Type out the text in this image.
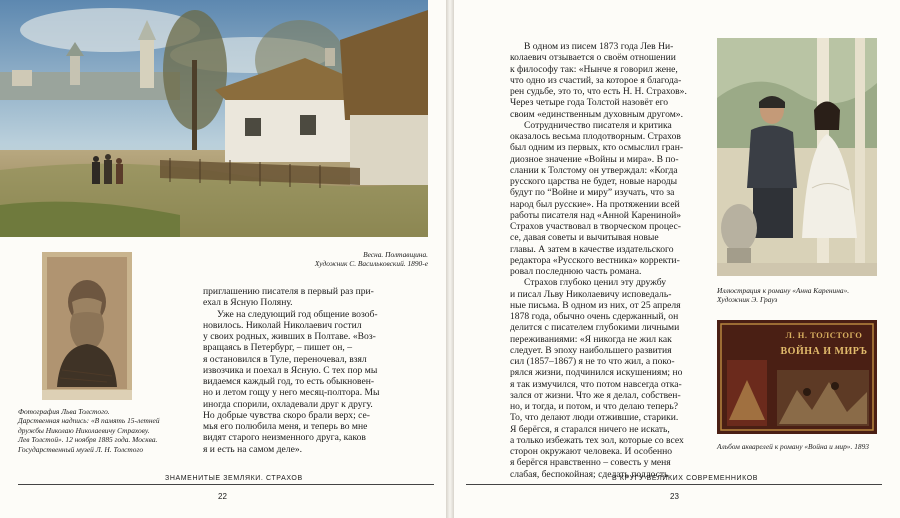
Весна. Полтавщина.
Художник С. Васильковский. 1890-е

Фотография Льва Толстого.
Дарственная надпись: «В память 15-летней
дружбы Николаю Николаевичу Страхову.
Лев Толстой». 12 ноября 1885 года. Москва.
Государственный музей Л. Н. Толстого

приглашению писателя в первый раз при-

ехал в Ясную Поляну.

Уже на следующий год общение возоб-

новилось. Николай Николаевич гостил

у своих родных, живших в Полтаве. «Воз-

вращаясь в Петербург, – пишет он, –

я остановился в Туле, переночевал, взял

извозчика и поехал в Ясную. С тех пор мы

видаемся каждый год, то есть обыкновен-

но и летом гощу у него месяц-полтора. Мы

иногда спорили, охладевали друг к другу.

Но добрые чувства скоро брали верх; се-

мья его полюбила меня, и теперь во мне

видят старого неизменного друга, каков

я и есть на самом деле».

ЗНАМЕНИТЫЕ ЗЕМЛЯКИ. СТРАХОВ
22

В одном из писем 1873 года Лев Ни-

колаевич отзывается о своём отношении

к философу так: «Нынче я говорил жене,

что одно из счастий, за которое я благода-

рен судьбе, это то, что есть Н. Н. Страхов».

Через четыре года Толстой назовёт его

своим «единственным духовным другом».

Сотрудничество писателя и критика

оказалось весьма плодотворным. Страхов

был одним из первых, кто осмыслил гран-

диозное значение «Войны и мира». В по-

слании к Толстому он утверждал: «Когда

русского царства не будет, новые народы

будут по “Войне и миру” изучать, что за

народ был русские». На протяжении всей

работы писателя над «Анной Карениной»

Страхов участвовал в творческом процес-

се, давая советы и вычитывая новые

главы. А затем в качестве издательского

редактора «Русского вестника» корректи-

ровал последнюю часть романа.

Страхов глубоко ценил эту дружбу

и писал Льву Николаевичу исповедаль-

ные письма. В одном из них, от 25 апреля

1878 года, обычно очень сдержанный, он

делится с писателем глубокими личными

переживаниями: «Я никогда не жил как

следует. В эпоху наибольшего развития

сил (1857–1867) я не то что жил, а поко-

рялся жизни, подчинился искушениям; но

я так измучился, что потом навсегда отка-

зался от жизни. Что же я делал, собствен-

но, и тогда, и потом, и что делаю теперь?

То, что делают люди отжившие, старики.

Я берёгся, я старался ничего не искать,

а только избежать тех зол, которые со всех

сторон окружают человека. И особенно

я берёгся нравственно – совесть у меня

слабая, беспокойная; сделать подлость

Иллюстрация к роману «Анна Каренина».
Художник Э. Грауз

Л. Н. ТОЛСТОГО
ВОЙНА И МИРЪ

Альбом акварелей к роману «Война и мир». 1893

В КРУГУ ВЕЛИКИХ СОВРЕМЕННИКОВ
23
